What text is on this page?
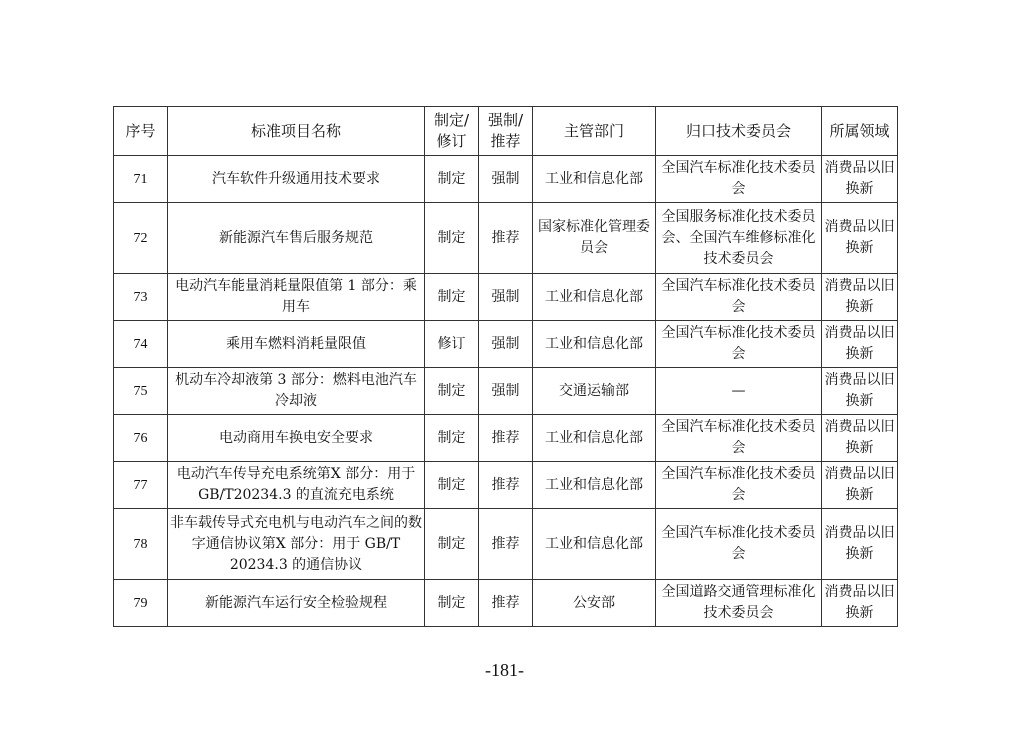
序号	标准项目名称	制定/修订	强制/推荐	主管部门	归口技术委员会	所属领域
71	汽车软件升级通用技术要求	制定	强制	工业和信息化部	全国汽车标准化技术委员会	消费品以旧换新
72	新能源汽车售后服务规范	制定	推荐	国家标准化管理委员会	全国服务标准化技术委员会、全国汽车维修标准化技术委员会	消费品以旧换新
73	电动汽车能量消耗量限值第 1 部分：乘用车	制定	强制	工业和信息化部	全国汽车标准化技术委员会	消费品以旧换新
74	乘用车燃料消耗量限值	修订	强制	工业和信息化部	全国汽车标准化技术委员会	消费品以旧换新
75	机动车冷却液第 3 部分：燃料电池汽车冷却液	制定	强制	交通运输部	—	消费品以旧换新
76	电动商用车换电安全要求	制定	推荐	工业和信息化部	全国汽车标准化技术委员会	消费品以旧换新
77	电动汽车传导充电系统第X 部分：用于 GB/T20234.3 的直流充电系统	制定	推荐	工业和信息化部	全国汽车标准化技术委员会	消费品以旧换新
78	非车载传导式充电机与电动汽车之间的数字通信协议第X 部分：用于 GB/T 20234.3 的通信协议	制定	推荐	工业和信息化部	全国汽车标准化技术委员会	消费品以旧换新
79	新能源汽车运行安全检验规程	制定	推荐	公安部	全国道路交通管理标准化技术委员会	消费品以旧换新
-181-
